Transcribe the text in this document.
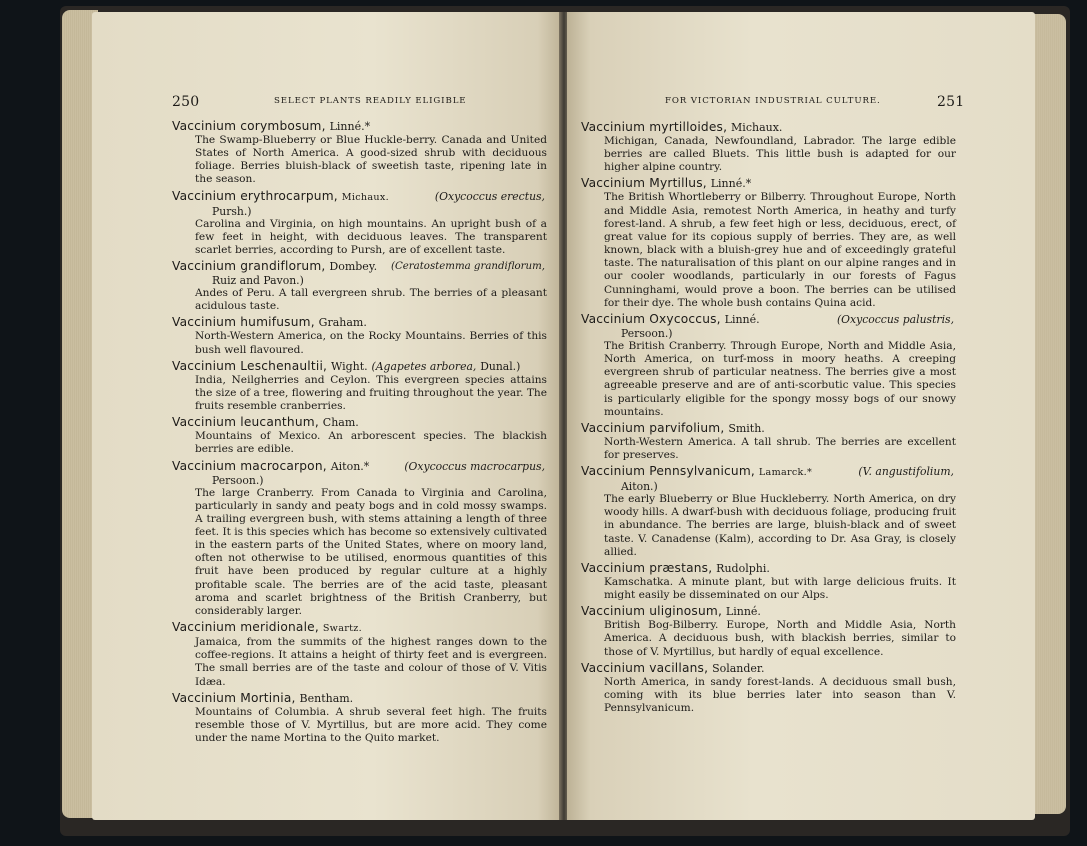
250	SELECT PLANTS READILY ELIGIBLE
Vaccinium corymbosum, Linné.*
The Swamp-Blueberry or Blue Huckle-berry. Canada and United States of North America. A good-sized shrub with deciduous foliage. Berries bluish-black of sweetish taste, ripening late in the season.
Vaccinium erythrocarpum, Michaux.	(Oxycoccus erectus,
Pursh.)
Carolina and Virginia, on high mountains. An upright bush of a few feet in height, with deciduous leaves. The transparent scarlet berries, according to Pursh, are of excellent taste.
Vaccinium grandiflorum, Dombey. (Ceratostemma grandiflorum,
Ruiz and Pavon.)
Andes of Peru. A tall evergreen shrub. The berries of a pleasant acidulous taste.
Vaccinium humifusum, Graham.
North-Western America, on the Rocky Mountains. Berries of this bush well flavoured.
Vaccinium Leschenaultii, Wight. (Agapetes arborea, Dunal.)
India, Neilgherries and Ceylon. This evergreen species attains the size of a tree, flowering and fruiting throughout the year. The fruits resemble cranberries.
Vaccinium leucanthum, Cham.
Mountains of Mexico. An arborescent species. The blackish berries are edible.
Vaccinium macrocarpon, Aiton.*	(Oxycoccus macrocarpus,
Persoon.)
The large Cranberry. From Canada to Virginia and Carolina, particularly in sandy and peaty bogs and in cold mossy swamps. A trailing evergreen bush, with stems attaining a length of three feet. It is this species which has become so extensively cultivated in the eastern parts of the United States, where on moory land, often not otherwise to be utilised, enormous quantities of this fruit have been produced by regular culture at a highly profitable scale. The berries are of the acid taste, pleasant aroma and scarlet brightness of the British Cranberry, but considerably larger.
Vaccinium meridionale, Swartz.
Jamaica, from the summits of the highest ranges down to the coffee-regions. It attains a height of thirty feet and is evergreen. The small berries are of the taste and colour of those of V. Vitis Idæa.
Vaccinium Mortinia, Bentham.
Mountains of Columbia. A shrub several feet high. The fruits resemble those of V. Myrtillus, but are more acid. They come under the name Mortina to the Quito market.
FOR VICTORIAN INDUSTRIAL CULTURE.	251
Vaccinium myrtilloides, Michaux.
Michigan, Canada, Newfoundland, Labrador. The large edible berries are called Bluets. This little bush is adapted for our higher alpine country.
Vaccinium Myrtillus, Linné.*
The British Whortleberry or Bilberry. Throughout Europe, North and Middle Asia, remotest North America, in heathy and turfy forest-land. A shrub, a few feet high or less, deciduous, erect, of great value for its copious supply of berries. They are, as well known, black with a bluish-grey hue and of exceedingly grateful taste. The naturalisation of this plant on our alpine ranges and in our cooler woodlands, particularly in our forests of Fagus Cunninghami, would prove a boon. The berries can be utilised for their dye. The whole bush contains Quina acid.
Vaccinium Oxycoccus, Linné.	(Oxycoccus palustris,
Persoon.)
The British Cranberry. Through Europe, North and Middle Asia, North America, on turf-moss in moory heaths. A creeping evergreen shrub of particular neatness. The berries give a most agreeable preserve and are of anti-scorbutic value. This species is particularly eligible for the spongy mossy bogs of our snowy mountains.
Vaccinium parvifolium, Smith.
North-Western America. A tall shrub. The berries are excellent for preserves.
Vaccinium Pennsylvanicum, Lamarck.*	(V. angustifolium,
Aiton.)
The early Blueberry or Blue Huckleberry. North America, on dry woody hills. A dwarf-bush with deciduous foliage, producing fruit in abundance. The berries are large, bluish-black and of sweet taste. V. Canadense (Kalm), according to Dr. Asa Gray, is closely allied.
Vaccinium præstans, Rudolphi.
Kamschatka. A minute plant, but with large delicious fruits. It might easily be disseminated on our Alps.
Vaccinium uliginosum, Linné.
British Bog-Bilberry. Europe, North and Middle Asia, North America. A deciduous bush, with blackish berries, similar to those of V. Myrtillus, but hardly of equal excellence.
Vaccinium vacillans, Solander.
North America, in sandy forest-lands. A deciduous small bush, coming with its blue berries later into season than V. Pennsylvanicum.
